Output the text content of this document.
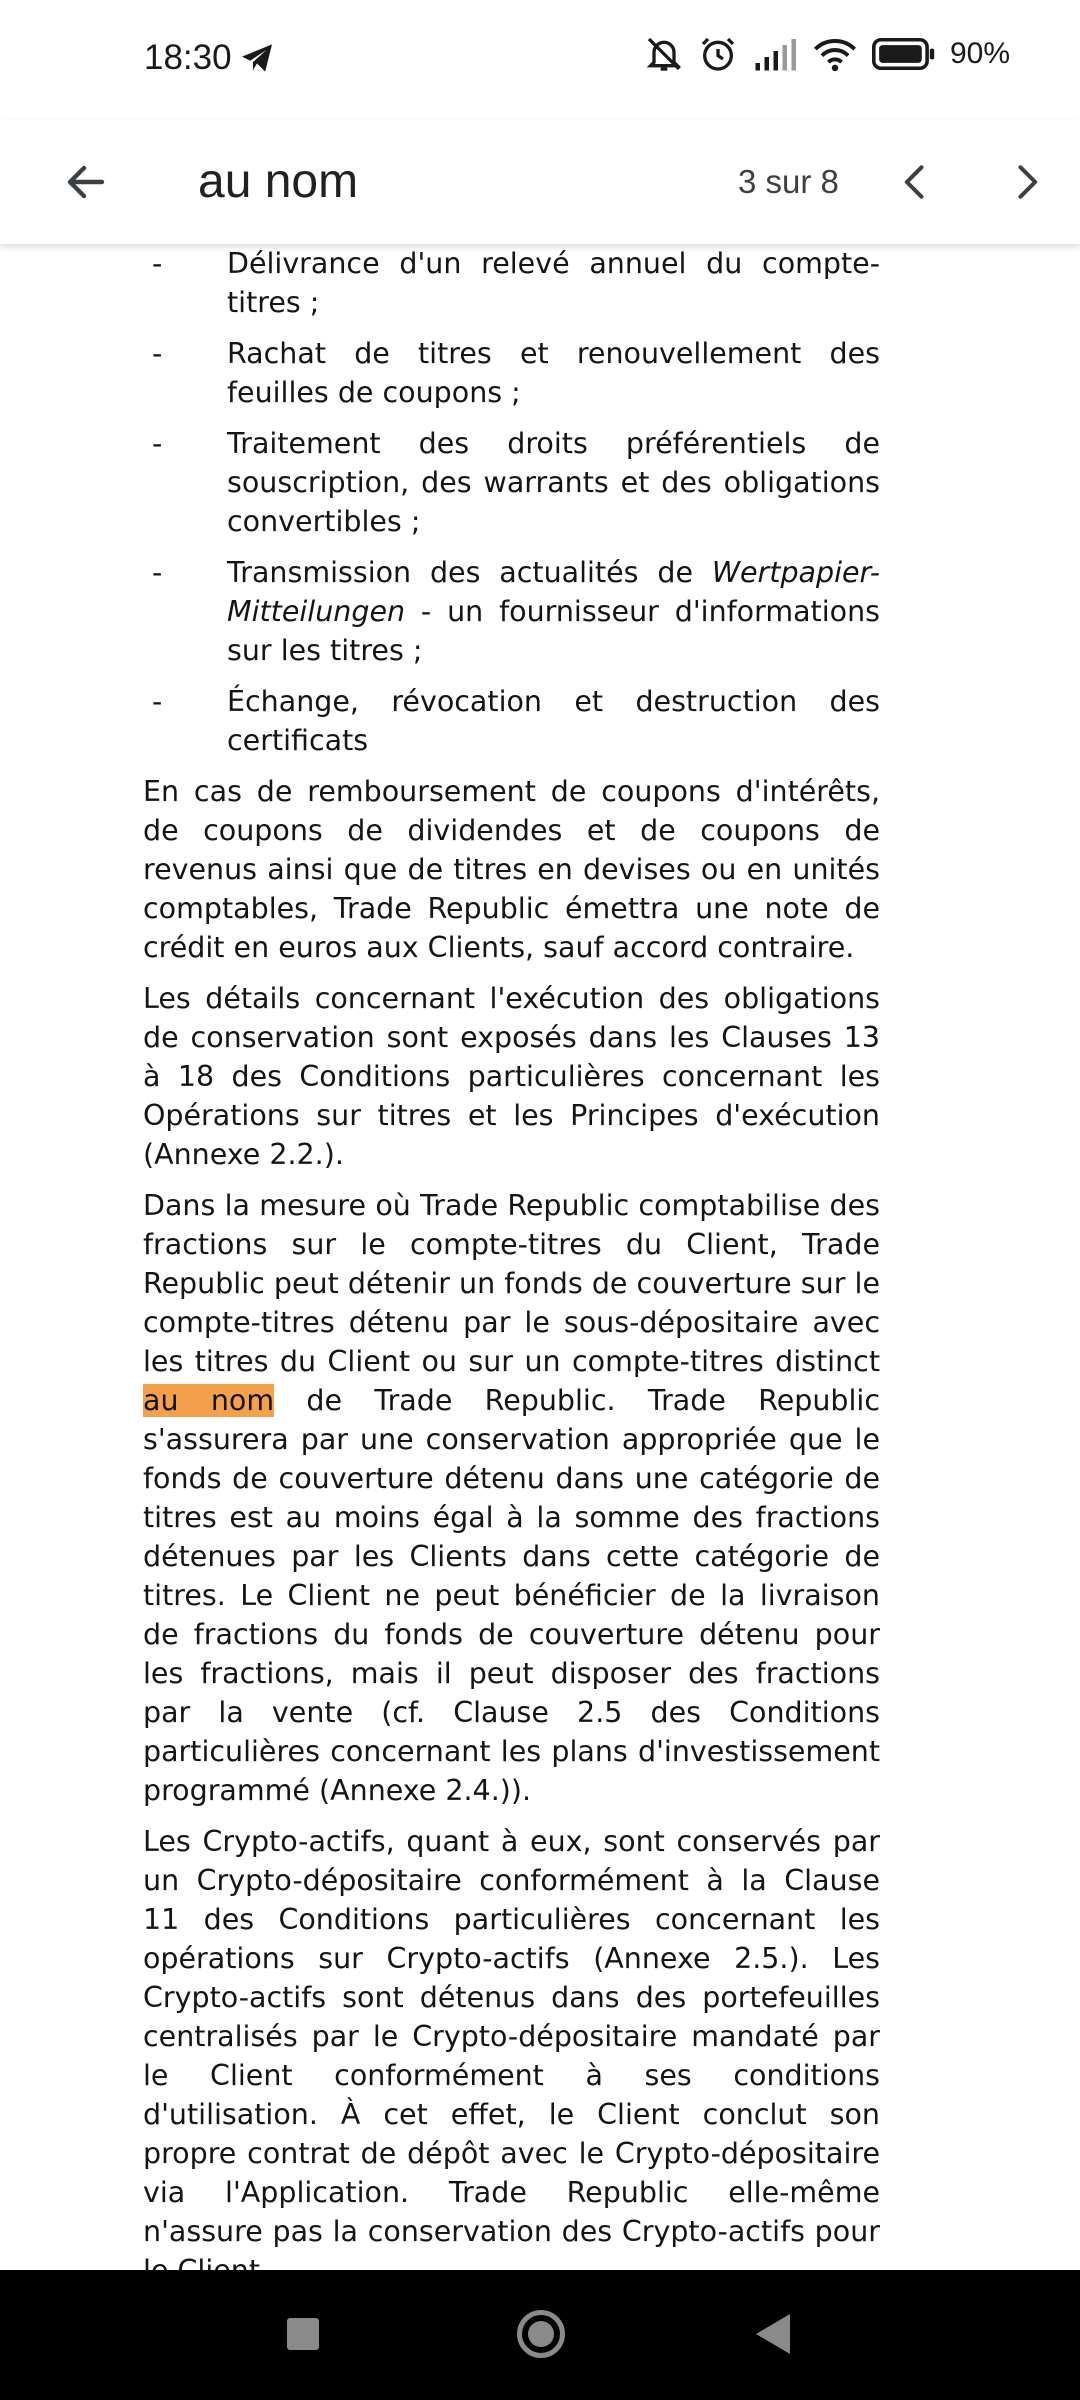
18:30	90%
au nom	3 sur 8
- Délivrance d'un relevé annuel du compte-titres ;
- Rachat de titres et renouvellement des feuilles de coupons ;
- Traitement des droits préférentiels de souscription, des warrants et des obligations convertibles ;
- Transmission des actualités de Wertpapier-Mitteilungen - un fournisseur d'informations sur les titres ;
- Échange, révocation et destruction des certificats

En cas de remboursement de coupons d'intérêts, de coupons de dividendes et de coupons de revenus ainsi que de titres en devises ou en unités comptables, Trade Republic émettra une note de crédit en euros aux Clients, sauf accord contraire.

Les détails concernant l'exécution des obligations de conservation sont exposés dans les Clauses 13 à 18 des Conditions particulières concernant les Opérations sur titres et les Principes d'exécution (Annexe 2.2.).

Dans la mesure où Trade Republic comptabilise des fractions sur le compte-titres du Client, Trade Republic peut détenir un fonds de couverture sur le compte-titres détenu par le sous-dépositaire avec les titres du Client ou sur un compte-titres distinct au nom de Trade Republic. Trade Republic s'assurera par une conservation appropriée que le fonds de couverture détenu dans une catégorie de titres est au moins égal à la somme des fractions détenues par les Clients dans cette catégorie de titres. Le Client ne peut bénéficier de la livraison de fractions du fonds de couverture détenu pour les fractions, mais il peut disposer des fractions par la vente (cf. Clause 2.5 des Conditions particulières concernant les plans d'investissement programmé (Annexe 2.4.)).

Les Crypto-actifs, quant à eux, sont conservés par un Crypto-dépositaire conformément à la Clause 11 des Conditions particulières concernant les opérations sur Crypto-actifs (Annexe 2.5.). Les Crypto-actifs sont détenus dans des portefeuilles centralisés par le Crypto-dépositaire mandaté par le Client conformément à ses conditions d'utilisation. À cet effet, le Client conclut son propre contrat de dépôt avec le Crypto-dépositaire via l'Application. Trade Republic elle-même n'assure pas la conservation des Crypto-actifs pour
